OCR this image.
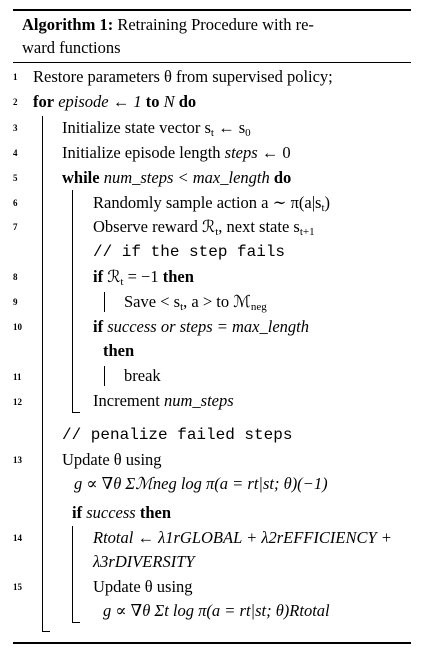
Algorithm 1: Retraining Procedure with re-
ward functions
1
2
3
4
5
6
7
8
9
10
11
12
13
14
15
Restore parameters θ from supervised policy;
for episode ← 1 to N do
Initialize state vector $s_t$ ← $s_0$
Initialize episode length steps ← 0
while num_steps < max_length do
Randomly sample action a ∼ $\pi(a|s_t)$
Observe reward ℛ$_t$, next state $s_{t+1}$
// if the step fails
if ℛ$_t$ = −1 then
Save < $s_t$, a > to ℳ$_{neg}$
if success or steps = max_length
then
break
Increment num_steps
// penalize failed steps
Update θ using
g ∝ ∇θ Σℳneg log π(a = rt|st; θ)(−1)
if success then
Rtotal ← λ1rGLOBAL + λ2rEFFICIENCY +
λ3rDIVERSITY
Update θ using
g ∝ ∇θ Σt log π(a = rt|st; θ)Rtotal
